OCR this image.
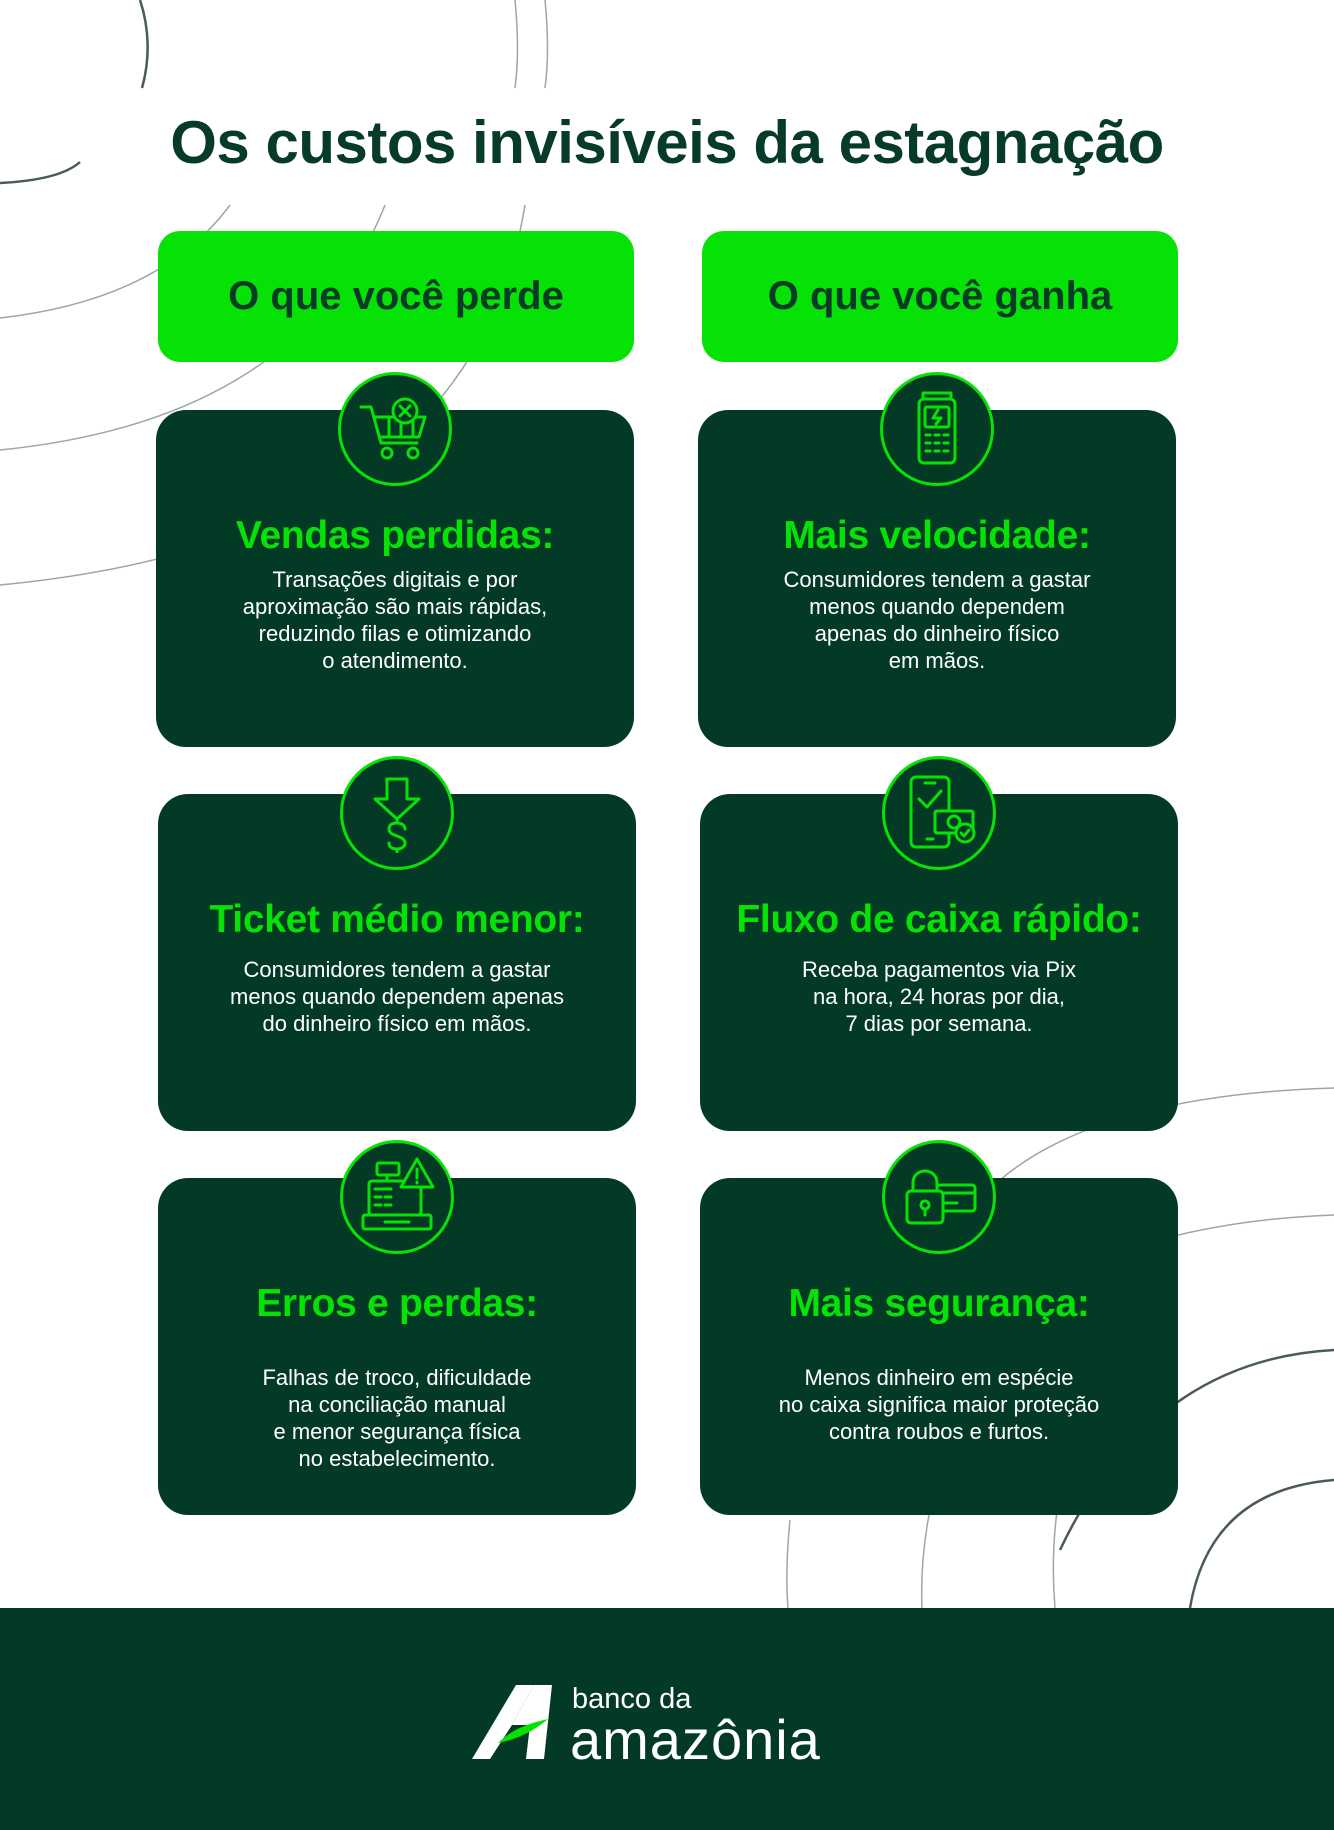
Os custos invisíveis da estagnação
O que você perde	O que você ganha
Vendas perdidas:
Transações digitais e por
aproximação são mais rápidas,
reduzindo filas e otimizando
o atendimento.
Mais velocidade:
Consumidores tendem a gastar
menos quando dependem
apenas do dinheiro físico
em mãos.
Ticket médio menor:
Consumidores tendem a gastar
menos quando dependem apenas
do dinheiro físico em mãos.
Fluxo de caixa rápido:
Receba pagamentos via Pix
na hora, 24 horas por dia,
7 dias por semana.
Erros e perdas:
Falhas de troco, dificuldade
na conciliação manual
e menor segurança física
no estabelecimento.
Mais segurança:
Menos dinheiro em espécie
no caixa significa maior proteção
contra roubos e furtos.
banco da
amazônia
